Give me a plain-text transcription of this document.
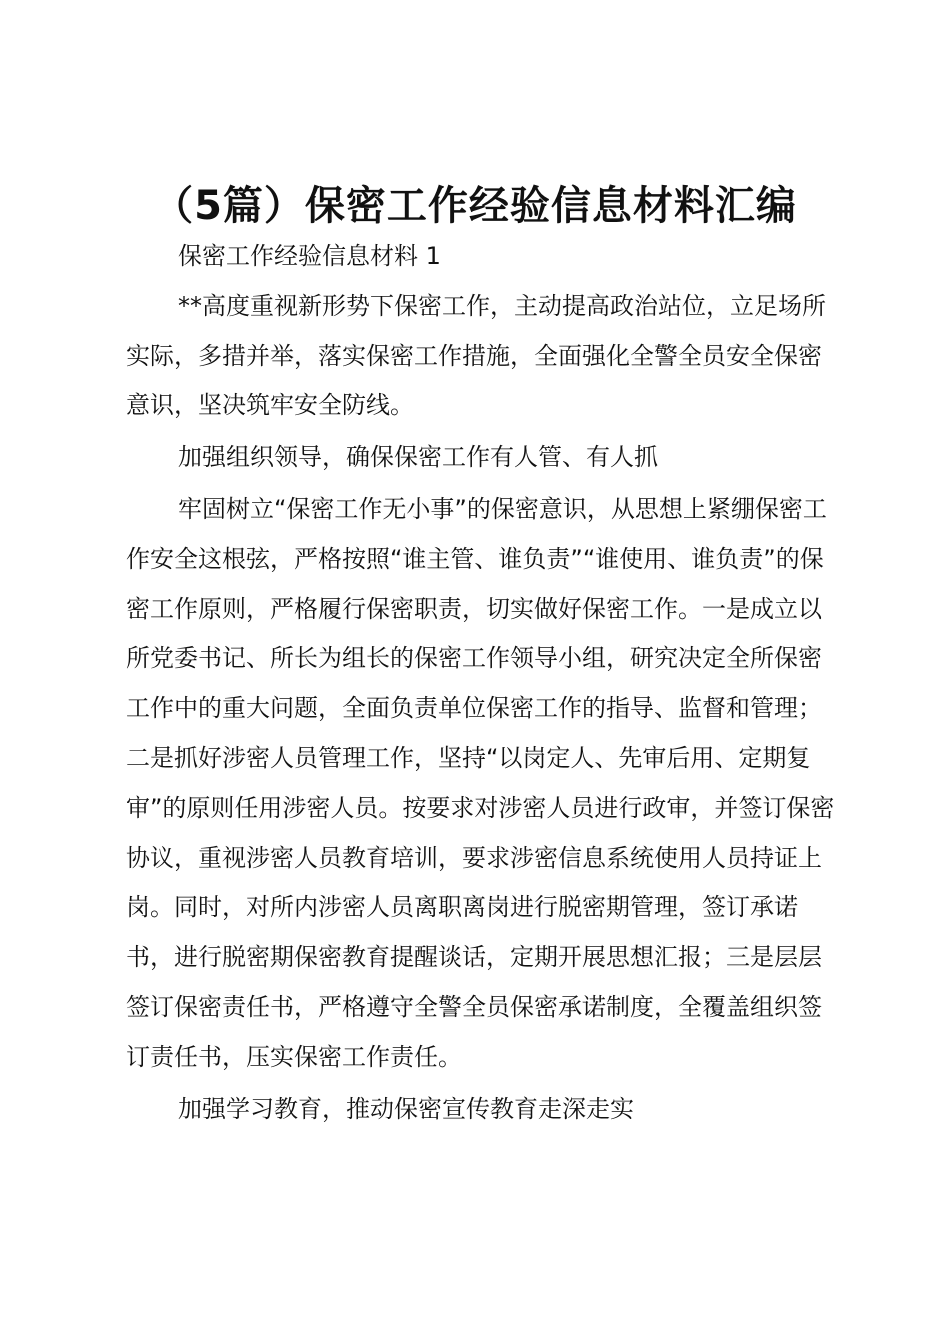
（5篇）保密工作经验信息材料汇编

保密工作经验信息材料 1

**高度重视新形势下保密工作，主动提高政治站位，立足场所实际，多措并举，落实保密工作措施，全面强化全警全员安全保密意识，坚决筑牢安全防线。

加强组织领导，确保保密工作有人管、有人抓

牢固树立“保密工作无小事”的保密意识，从思想上紧绷保密工作安全这根弦，严格按照“谁主管、谁负责”“谁使用、谁负责”的保密工作原则，严格履行保密职责，切实做好保密工作。一是成立以所党委书记、所长为组长的保密工作领导小组，研究决定全所保密工作中的重大问题，全面负责单位保密工作的指导、监督和管理；二是抓好涉密人员管理工作，坚持“以岗定人、先审后用、定期复审”的原则任用涉密人员。按要求对涉密人员进行政审，并签订保密协议，重视涉密人员教育培训，要求涉密信息系统使用人员持证上岗。同时，对所内涉密人员离职离岗进行脱密期管理，签订承诺书，进行脱密期保密教育提醒谈话，定期开展思想汇报；三是层层签订保密责任书，严格遵守全警全员保密承诺制度，全覆盖组织签订责任书，压实保密工作责任。

加强学习教育，推动保密宣传教育走深走实
